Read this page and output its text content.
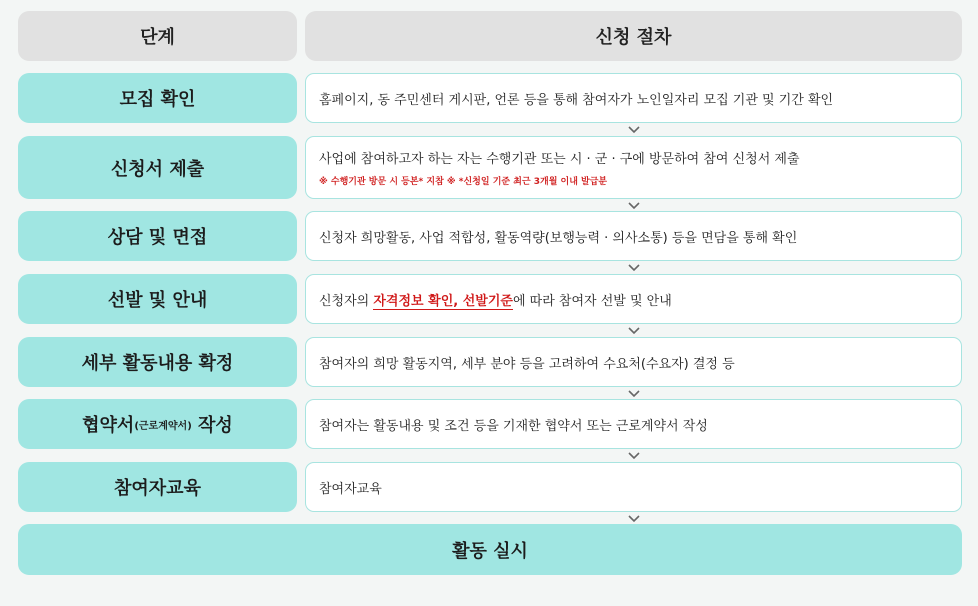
단계	신청 절차
모집 확인	홈페이지, 동 주민센터 게시판, 언론 등을 통해 참여자가 노인일자리 모집 기관 및 기간 확인
신청서 제출	사업에 참여하고자 하는 자는 수행기관 또는 시 · 군 · 구에 방문하여 참여 신청서 제출
※ 수행기관 방문 시 등본* 지참 ※ *신청일 기준 최근 3개월 이내 발급분
상담 및 면접	신청자 희망활동, 사업 적합성, 활동역량(보행능력 · 의사소통) 등을 면담을 통해 확인
선발 및 안내	신청자의 자격정보 확인, 선발기준에 따라 참여자 선발 및 안내
세부 활동내용 확정	참여자의 희망 활동지역, 세부 분야 등을 고려하여 수요처(수요자) 결정 등
협약서 (근로계약서) 작성	참여자는 활동내용 및 조건 등을 기재한 협약서 또는 근로계약서 작성
참여자교육	참여자교육
활동 실시
